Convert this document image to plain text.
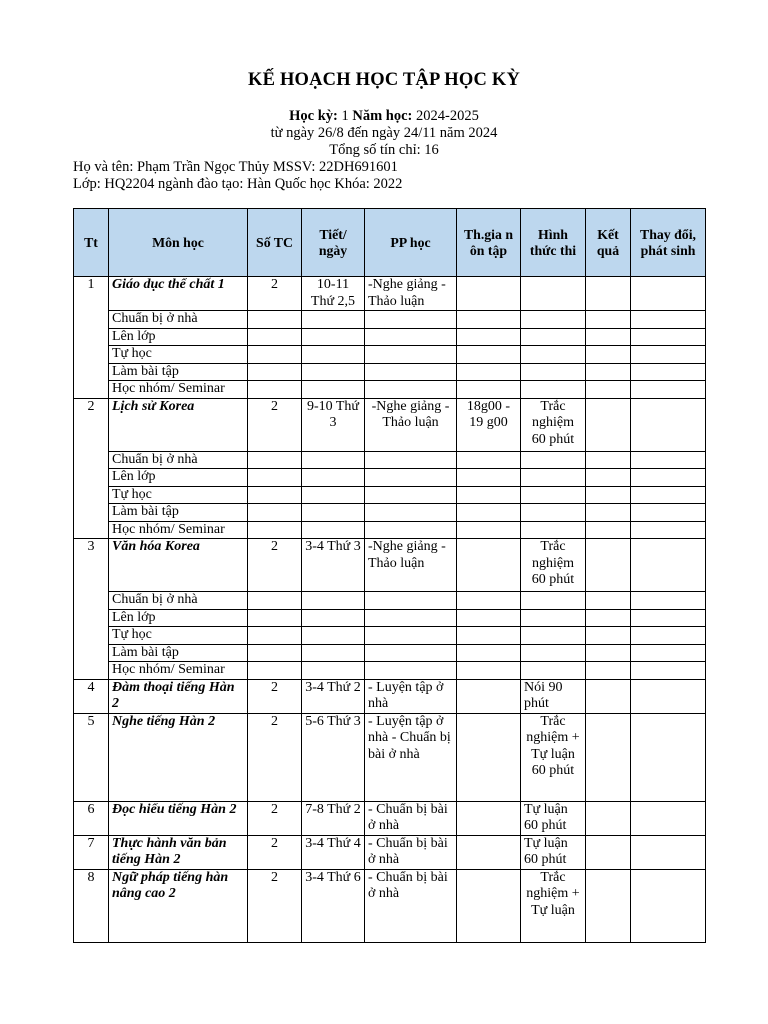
KẾ HOẠCH HỌC TẬP HỌC KỲ
Học kỳ: 1 Năm học: 2024-2025
từ ngày 26/8 đến ngày 24/11 năm 2024
Tổng số tín chỉ: 16
Họ và tên: Phạm Trần Ngọc Thủy MSSV: 22DH691601
Lớp: HQ2204 ngành đào tạo: Hàn Quốc học Khóa: 2022
Tt	Môn học	Số TC	Tiết/ ngày	PP học	Th.gia n ôn tập	Hình thức thi	Kết quả	Thay đổi, phát sinh
1	Giáo dục thể chất 1	2	10-11 Thứ 2,5	-Nghe giảng -Thảo luận				
	Chuẩn bị ở nhà							
	Lên lớp							
	Tự học							
	Làm bài tập							
	Học nhóm/ Seminar							
2	Lịch sử Korea	2	9-10 Thứ 3	-Nghe giảng -Thảo luận	18g00 - 19 g00	Trắc nghiệm 60 phút		
	Chuẩn bị ở nhà							
	Lên lớp							
	Tự học							
	Làm bài tập							
	Học nhóm/ Seminar							
3	Văn hóa Korea	2	3-4 Thứ 3	-Nghe giảng -Thảo luận		Trắc nghiệm 60 phút		
	Chuẩn bị ở nhà							
	Lên lớp							
	Tự học							
	Làm bài tập							
	Học nhóm/ Seminar							
4	Đàm thoại tiếng Hàn 2	2	3-4 Thứ 2	- Luyện tập ở nhà		Nói 90 phút		
5	Nghe tiếng Hàn 2	2	5-6 Thứ 3	- Luyện tập ở nhà - Chuẩn bị bài ở nhà		Trắc nghiệm + Tự luận 60 phút		
6	Đọc hiểu tiếng Hàn 2	2	7-8 Thứ 2	- Chuẩn bị bài ở nhà		Tự luận 60 phút		
7	Thực hành văn bản tiếng Hàn 2	2	3-4 Thứ 4	- Chuẩn bị bài ở nhà		Tự luận 60 phút		
8	Ngữ pháp tiếng hàn nâng cao 2	2	3-4 Thứ 6	- Chuẩn bị bài ở nhà		Trắc nghiệm + Tự luận		
